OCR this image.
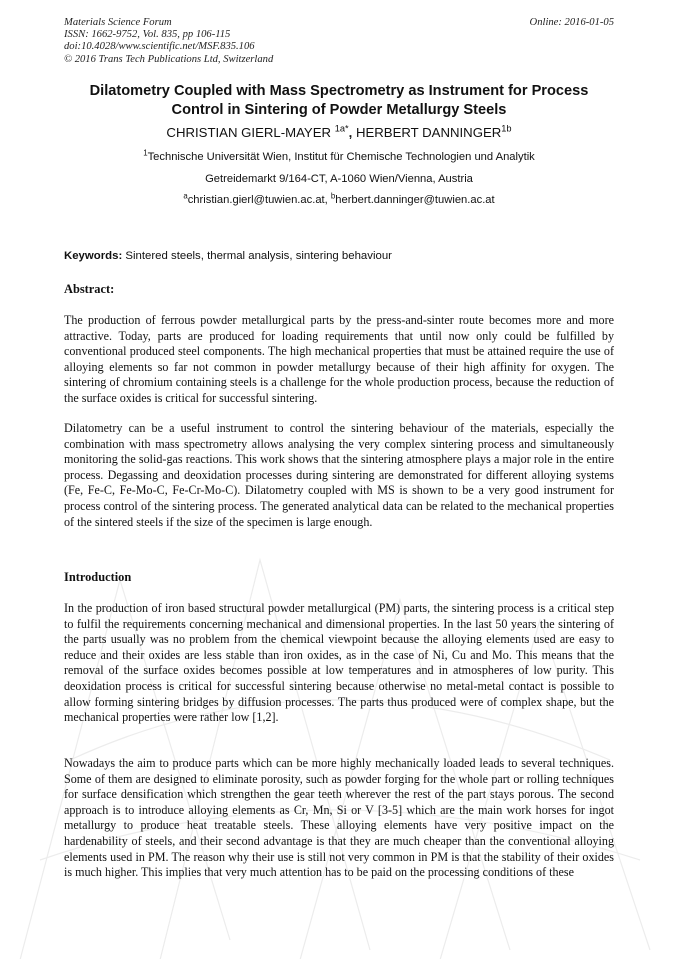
Materials Science Forum
ISSN: 1662-9752, Vol. 835, pp 106-115
doi:10.4028/www.scientific.net/MSF.835.106
© 2016 Trans Tech Publications Ltd, Switzerland
Online: 2016-01-05
Dilatometry Coupled with Mass Spectrometry as Instrument for Process
Control in Sintering of Powder Metallurgy Steels
CHRISTIAN GIERL-MAYER $^{1a*}$, HERBERT $DANNINGER^{1b}$
$^1$Technische Universität Wien, Institut für Chemische Technologien und Analytik
Getreidemarkt 9/164-CT, A-1060 Wien/Vienna, Austria
$^a$christian.gierl@tuwien.ac.at, $^b$herbert.danninger@tuwien.ac.at
Keywords: Sintered steels, thermal analysis, sintering behaviour
Abstract:

The production of ferrous powder metallurgical parts by the press-and-sinter route becomes more and more attractive. Today, parts are produced for loading requirements that until now only could be fulfilled by conventional produced steel components. The high mechanical properties that must be attained require the use of alloying elements so far not common in powder metallurgy because of their high affinity for oxygen. The sintering of chromium containing steels is a challenge for the whole production process, because the reduction of the surface oxides is critical for successful sintering.

Dilatometry can be a useful instrument to control the sintering behaviour of the materials, especially the combination with mass spectrometry allows analysing the very complex sintering process and simultaneously monitoring the solid-gas reactions. This work shows that the sintering atmosphere plays a major role in the entire process. Degassing and deoxidation processes during sintering are demonstrated for different alloying systems (Fe, Fe-C, Fe-Mo-C, Fe-Cr-Mo-C). Dilatometry coupled with MS is shown to be a very good instrument for process control of the sintering process. The generated analytical data can be related to the mechanical properties of the sintered steels if the size of the specimen is large enough.

Introduction

In the production of iron based structural powder metallurgical (PM) parts, the sintering process is a critical step to fulfil the requirements concerning mechanical and dimensional properties. In the last 50 years the sintering of the parts usually was no problem from the chemical viewpoint because the alloying elements used are easy to reduce and their oxides are less stable than iron oxides, as in the case of Ni, Cu and Mo. This means that the removal of the surface oxides becomes possible at low temperatures and in atmospheres of low purity. This deoxidation process is critical for successful sintering because otherwise no metal-metal contact is possible to allow forming sintering bridges by diffusion processes. The parts thus produced were of complex shape, but the mechanical properties were rather low [1,2].

Nowadays the aim to produce parts which can be more highly mechanically loaded leads to several techniques. Some of them are designed to eliminate porosity, such as powder forging for the whole part or rolling techniques for surface densification which strengthen the gear teeth wherever the rest of the part stays porous. The second approach is to introduce alloying elements as Cr, Mn, Si or V [3-5] which are the main work horses for ingot metallurgy to produce heat treatable steels. These alloying elements have very positive impact on the hardenability of steels, and their second advantage is that they are much cheaper than the conventional alloying elements used in PM. The reason why their use is still not very common in PM is that the stability of their oxides is much higher. This implies that very much attention has to be paid on the processing conditions of these
